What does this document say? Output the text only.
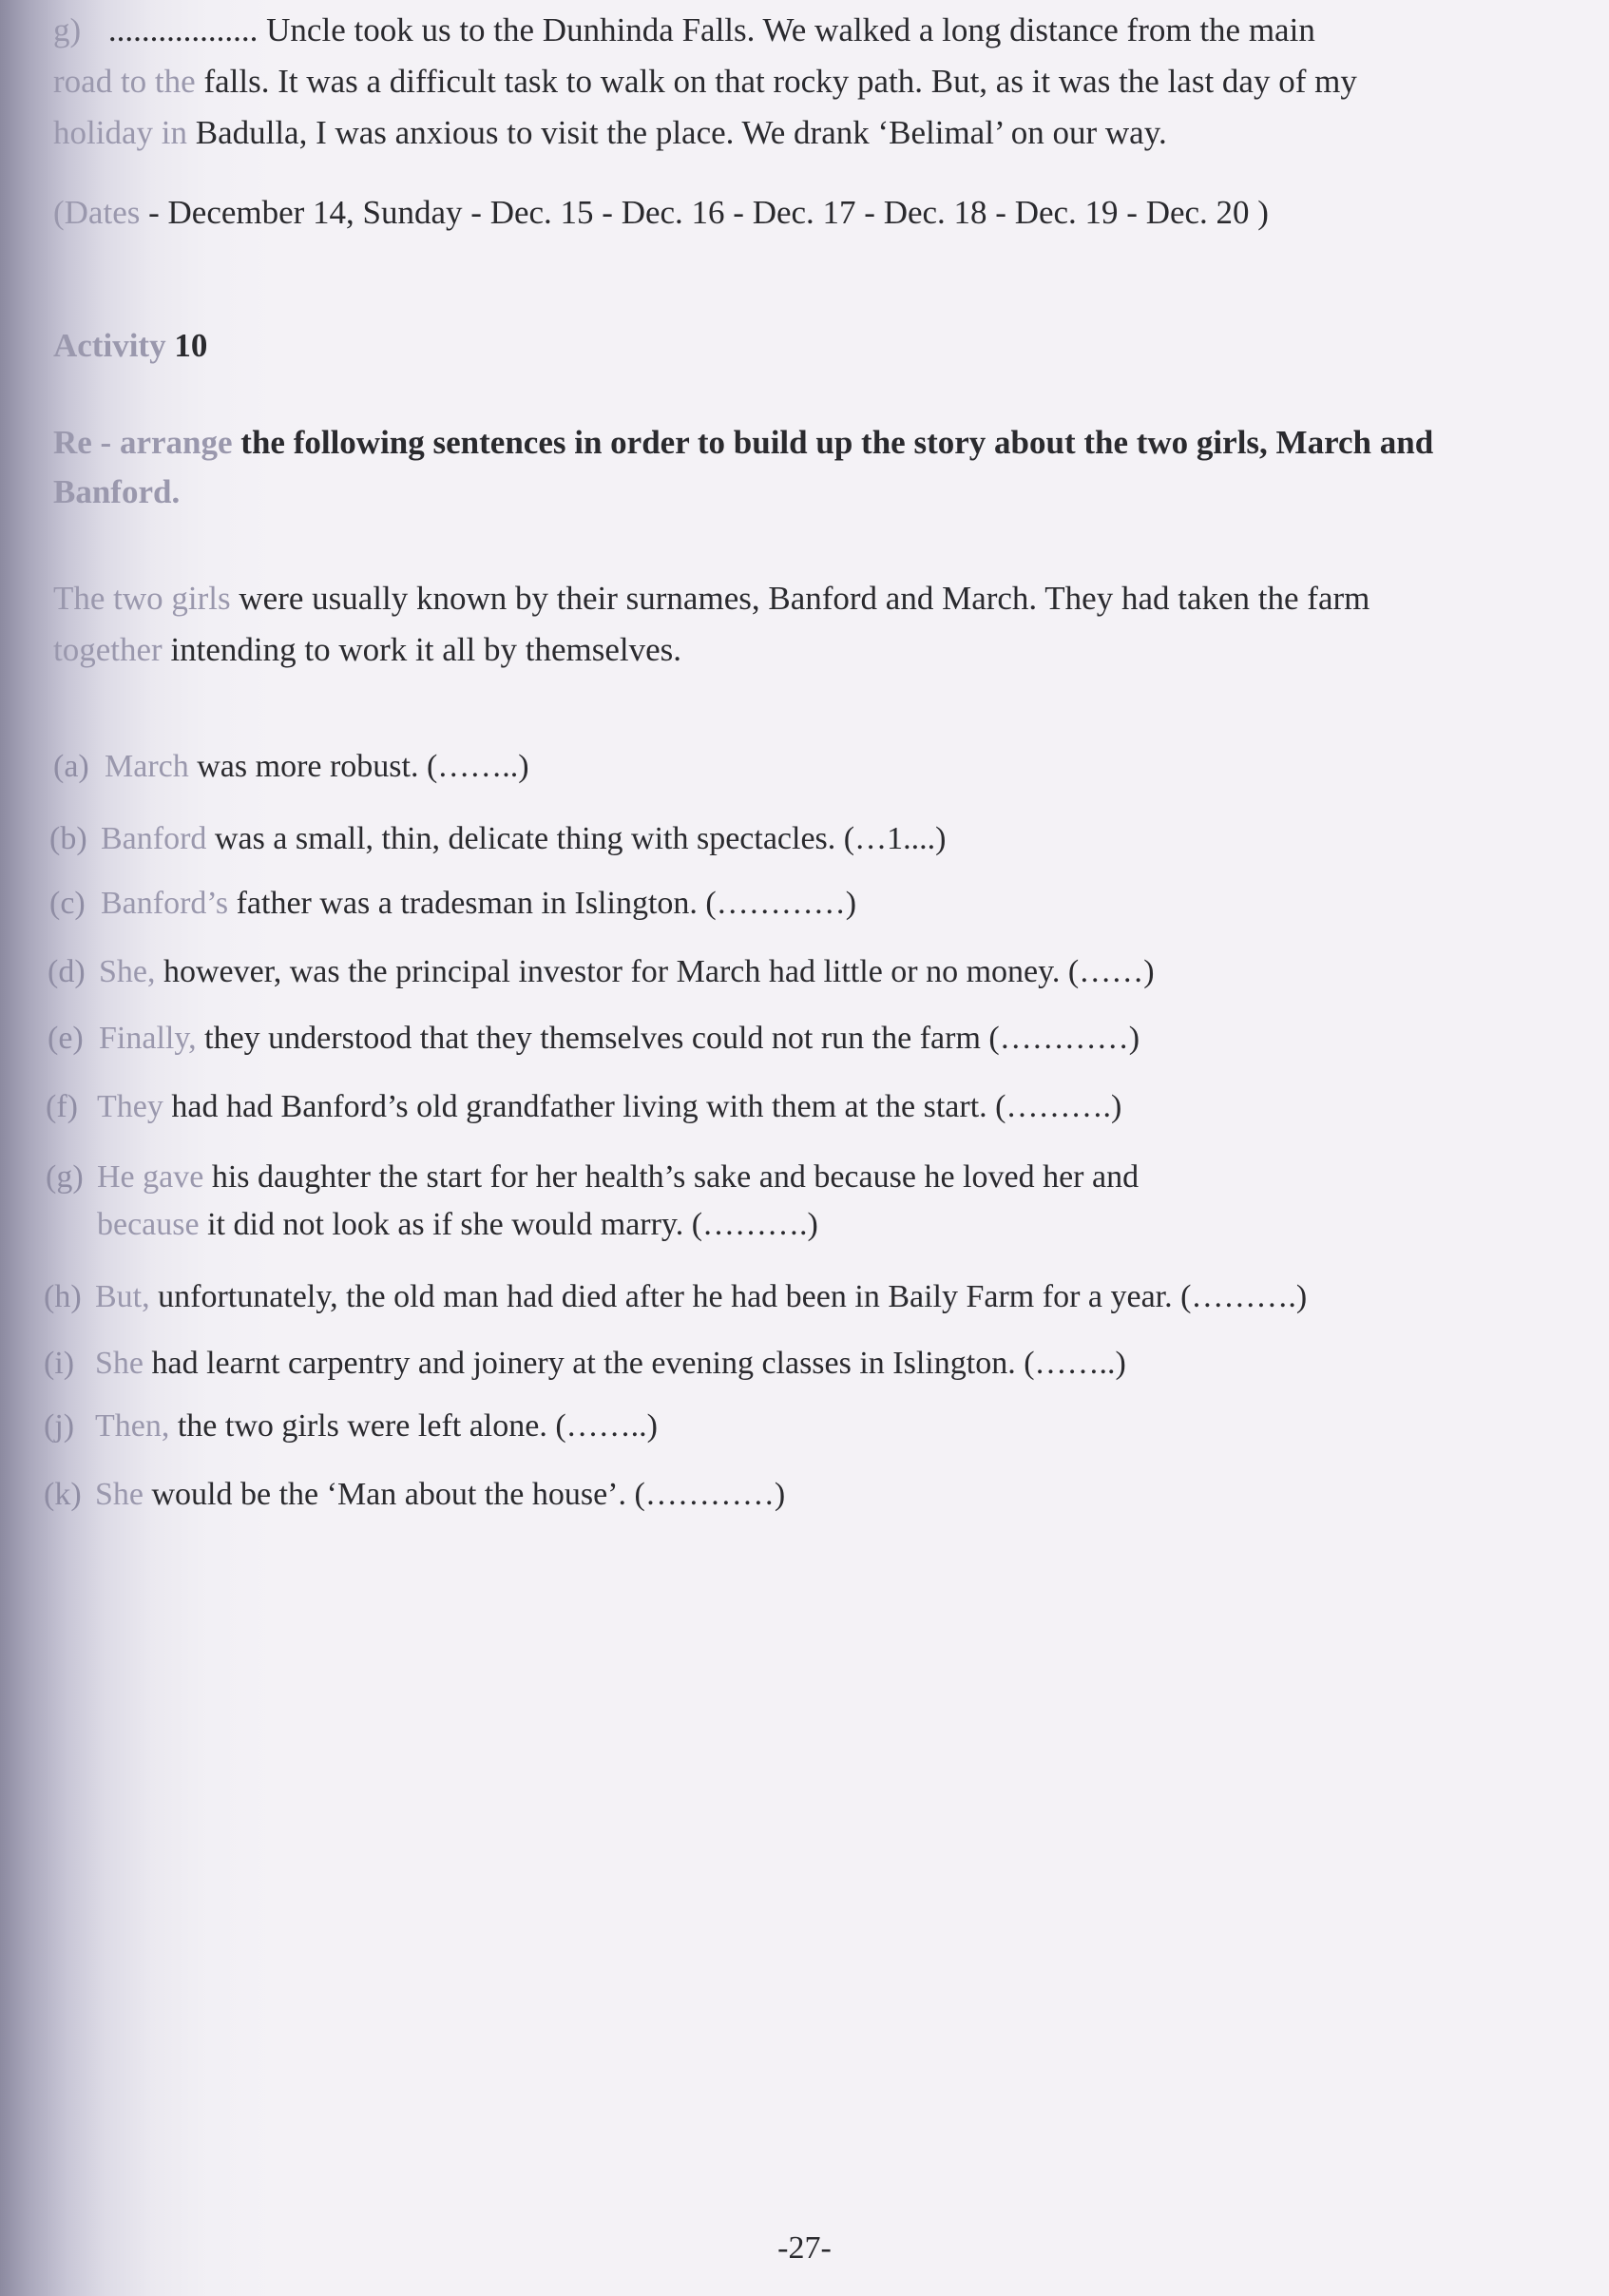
g) .................. Uncle took us to the Dunhinda Falls. We walked a long distance from the main
road to the falls. It was a difficult task to walk on that rocky path. But, as it was the last day of my
holiday in Badulla, I was anxious to visit the place. We drank ‘Belimal’ on our way.
(Dates - December 14, Sunday - Dec. 15 - Dec. 16 - Dec. 17 - Dec. 18 - Dec. 19 - Dec. 20 )
Activity 10
Re - arrange the following sentences in order to build up the story about the two girls, March and
Banford.
The two girls were usually known by their surnames, Banford and March. They had taken the farm
together intending to work it all by themselves.
(a) March was more robust. (……..)
(b) Banford was a small, thin, delicate thing with spectacles. (…1....)
(c) Banford’s father was a tradesman in Islington. (…………)
(d) She, however, was the principal investor for March had little or no money. (……)
(e) Finally, they understood that they themselves could not run the farm (…………)
(f) They had had Banford’s old grandfather living with them at the start. (……….)
(g) He gave his daughter the start for her health’s sake and because he loved her and
because it did not look as if she would marry. (……….)
(h) But, unfortunately, the old man had died after he had been in Baily Farm for a year. (……….)
(i) She had learnt carpentry and joinery at the evening classes in Islington. (……..)
(j) Then, the two girls were left alone. (……..)
(k) She would be the ‘Man about the house’. (…………)
-27-
